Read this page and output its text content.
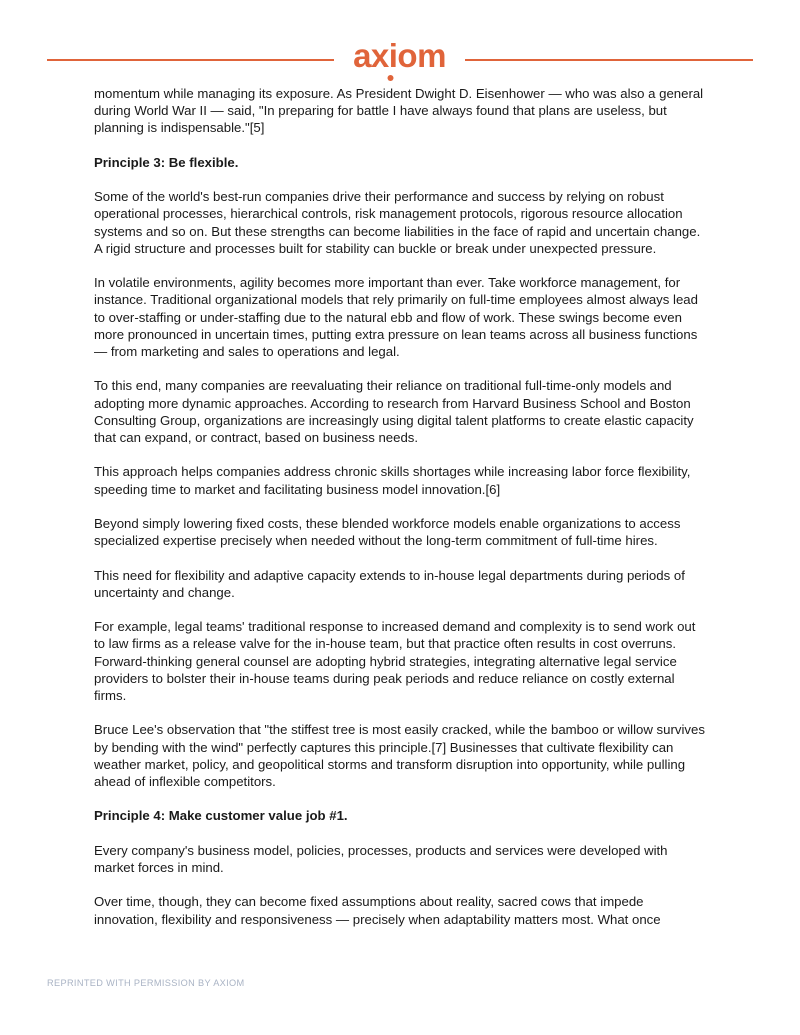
axiom

momentum while managing its exposure. As President Dwight D. Eisenhower — who was also a general during World War II — said, "In preparing for battle I have always found that plans are useless, but planning is indispensable."[5]

Principle 3: Be flexible.

Some of the world's best-run companies drive their performance and success by relying on robust operational processes, hierarchical controls, risk management protocols, rigorous resource allocation systems and so on. But these strengths can become liabilities in the face of rapid and uncertain change. A rigid structure and processes built for stability can buckle or break under unexpected pressure.

In volatile environments, agility becomes more important than ever. Take workforce management, for instance. Traditional organizational models that rely primarily on full-time employees almost always lead to over-staffing or under-staffing due to the natural ebb and flow of work. These swings become even more pronounced in uncertain times, putting extra pressure on lean teams across all business functions — from marketing and sales to operations and legal.

To this end, many companies are reevaluating their reliance on traditional full-time-only models and adopting more dynamic approaches. According to research from Harvard Business School and Boston Consulting Group, organizations are increasingly using digital talent platforms to create elastic capacity that can expand, or contract, based on business needs.

This approach helps companies address chronic skills shortages while increasing labor force flexibility, speeding time to market and facilitating business model innovation.[6]

Beyond simply lowering fixed costs, these blended workforce models enable organizations to access specialized expertise precisely when needed without the long-term commitment of full-time hires.

This need for flexibility and adaptive capacity extends to in-house legal departments during periods of uncertainty and change.

For example, legal teams' traditional response to increased demand and complexity is to send work out to law firms as a release valve for the in-house team, but that practice often results in cost overruns. Forward-thinking general counsel are adopting hybrid strategies, integrating alternative legal service providers to bolster their in-house teams during peak periods and reduce reliance on costly external firms.

Bruce Lee's observation that "the stiffest tree is most easily cracked, while the bamboo or willow survives by bending with the wind" perfectly captures this principle.[7] Businesses that cultivate flexibility can weather market, policy, and geopolitical storms and transform disruption into opportunity, while pulling ahead of inflexible competitors.

Principle 4: Make customer value job #1.

Every company's business model, policies, processes, products and services were developed with market forces in mind.

Over time, though, they can become fixed assumptions about reality, sacred cows that impede innovation, flexibility and responsiveness — precisely when adaptability matters most. What once

REPRINTED WITH PERMISSION BY AXIOM
